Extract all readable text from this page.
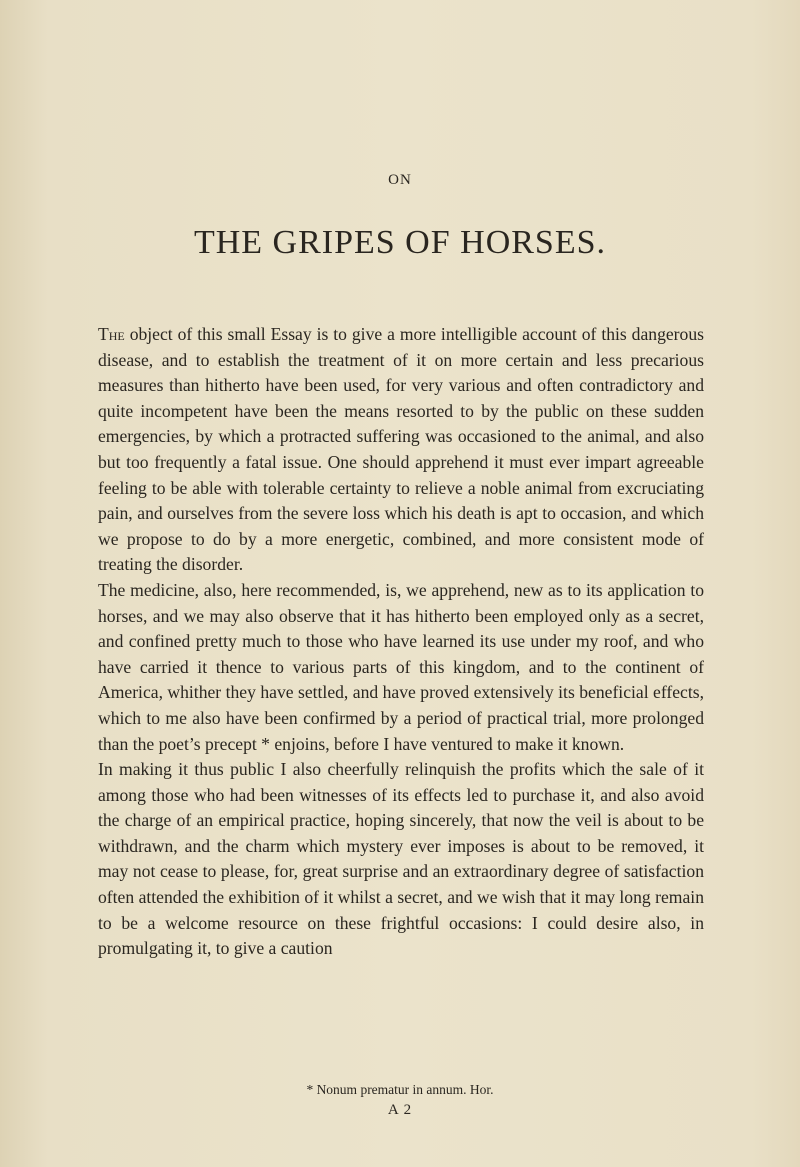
ON
THE GRIPES OF HORSES.

The object of this small Essay is to give a more intelligible account of this dangerous disease, and to establish the treatment of it on more certain and less precarious measures than hitherto have been used, for very various and often contradictory and quite incompetent have been the means resorted to by the public on these sudden emergencies, by which a protracted suffering was occasioned to the animal, and also but too frequently a fatal issue. One should apprehend it must ever impart agreeable feeling to be able with tolerable certainty to relieve a noble animal from excruciating pain, and ourselves from the severe loss which his death is apt to occasion, and which we propose to do by a more energetic, combined, and more consistent mode of treating the disorder.

The medicine, also, here recommended, is, we apprehend, new as to its application to horses, and we may also observe that it has hitherto been employed only as a secret, and confined pretty much to those who have learned its use under my roof, and who have carried it thence to various parts of this kingdom, and to the continent of America, whither they have settled, and have proved extensively its beneficial effects, which to me also have been confirmed by a period of practical trial, more prolonged than the poet’s precept * enjoins, before I have ventured to make it known.

In making it thus public I also cheerfully relinquish the profits which the sale of it among those who had been witnesses of its effects led to purchase it, and also avoid the charge of an empirical practice, hoping sincerely, that now the veil is about to be withdrawn, and the charm which mystery ever imposes is about to be removed, it may not cease to please, for, great surprise and an extraordinary degree of satisfaction often attended the exhibition of it whilst a secret, and we wish that it may long remain to be a welcome resource on these frightful occasions: I could desire also, in promulgating it, to give a caution

* Nonum prematur in annum. Hor.
A 2
